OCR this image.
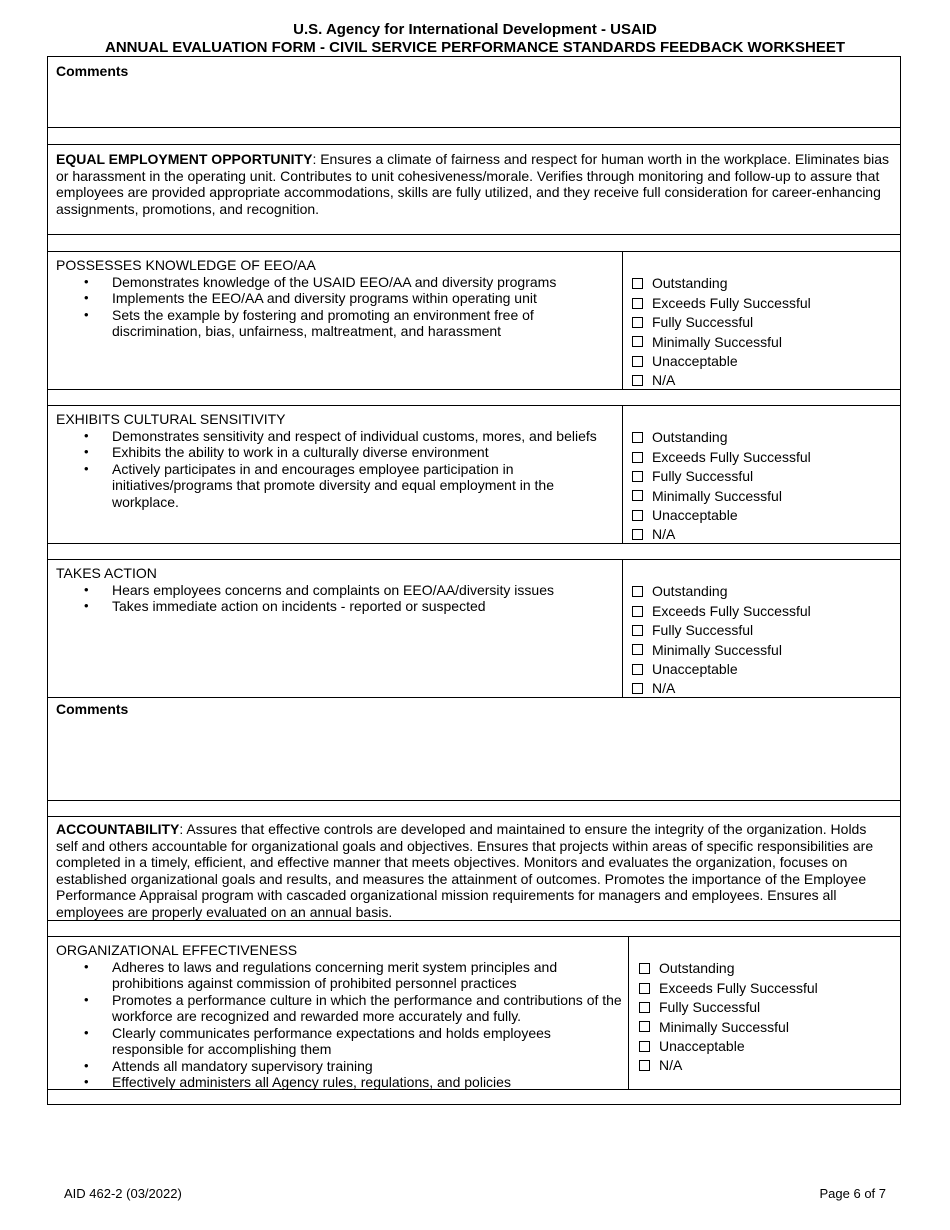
U.S. Agency for International Development - USAID
ANNUAL EVALUATION FORM - CIVIL SERVICE PERFORMANCE STANDARDS FEEDBACK WORKSHEET
Comments
EQUAL EMPLOYMENT OPPORTUNITY: Ensures a climate of fairness and respect for human worth in the workplace. Eliminates bias or harassment in the operating unit. Contributes to unit cohesiveness/morale. Verifies through monitoring and follow-up to assure that employees are provided appropriate accommodations, skills are fully utilized, and they receive full consideration for career-enhancing assignments, promotions, and recognition.
POSSESSES KNOWLEDGE OF EEO/AA
• Demonstrates knowledge of the USAID EEO/AA and diversity programs
• Implements the EEO/AA and diversity programs within operating unit
• Sets the example by fostering and promoting an environment free of discrimination, bias, unfairness, maltreatment, and harassment
Outstanding
Exceeds Fully Successful
Fully Successful
Minimally Successful
Unacceptable
N/A
EXHIBITS CULTURAL SENSITIVITY
• Demonstrates sensitivity and respect of individual customs, mores, and beliefs
• Exhibits the ability to work in a culturally diverse environment
• Actively participates in and encourages employee participation in initiatives/programs that promote diversity and equal employment in the workplace.
Outstanding
Exceeds Fully Successful
Fully Successful
Minimally Successful
Unacceptable
N/A
TAKES ACTION
• Hears employees concerns and complaints on EEO/AA/diversity issues
• Takes immediate action on incidents - reported or suspected
Outstanding
Exceeds Fully Successful
Fully Successful
Minimally Successful
Unacceptable
N/A
Comments
ACCOUNTABILITY: Assures that effective controls are developed and maintained to ensure the integrity of the organization. Holds self and others accountable for organizational goals and objectives. Ensures that projects within areas of specific responsibilities are completed in a timely, efficient, and effective manner that meets objectives. Monitors and evaluates the organization, focuses on established organizational goals and results, and measures the attainment of outcomes. Promotes the importance of the Employee Performance Appraisal program with cascaded organizational mission requirements for managers and employees. Ensures all employees are properly evaluated on an annual basis.
ORGANIZATIONAL EFFECTIVENESS
• Adheres to laws and regulations concerning merit system principles and prohibitions against commission of prohibited personnel practices
• Promotes a performance culture in which the performance and contributions of the workforce are recognized and rewarded more accurately and fully.
• Clearly communicates performance expectations and holds employees responsible for accomplishing them
• Attends all mandatory supervisory training
• Effectively administers all Agency rules, regulations, and policies
Outstanding
Exceeds Fully Successful
Fully Successful
Minimally Successful
Unacceptable
N/A
AID 462-2 (03/2022)	Page 6 of 7
